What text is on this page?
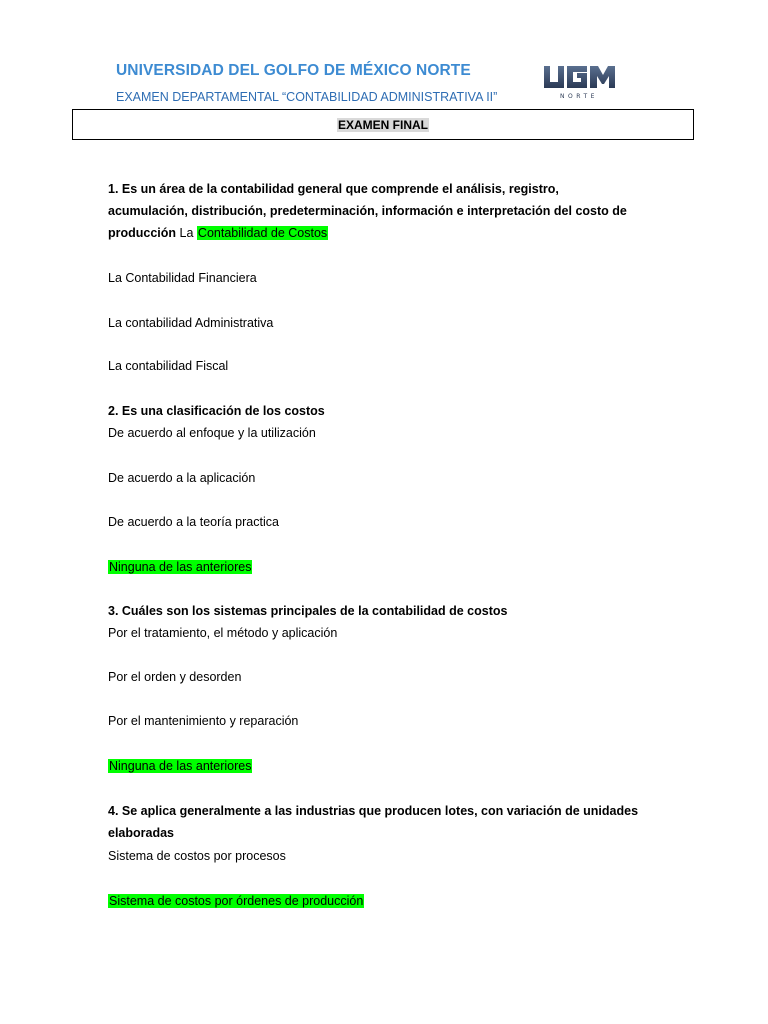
UNIVERSIDAD DEL GOLFO DE MÉXICO NORTE
EXAMEN DEPARTAMENTAL “CONTABILIDAD ADMINISTRATIVA II”	NORTE
EXAMEN FINAL
1. Es un área de la contabilidad general que comprende el análisis, registro,
acumulación, distribución, predeterminación, información e interpretación del costo de
producción La Contabilidad de Costos
La Contabilidad Financiera
La contabilidad Administrativa
La contabilidad Fiscal
2. Es una clasificación de los costos
De acuerdo al enfoque y la utilización
De acuerdo a la aplicación
De acuerdo a la teoría practica
Ninguna de las anteriores
3. Cuáles son los sistemas principales de la contabilidad de costos
Por el tratamiento, el método y aplicación
Por el orden y desorden
Por el mantenimiento y reparación
Ninguna de las anteriores
4. Se aplica generalmente a las industrias que producen lotes, con variación de unidades
elaboradas
Sistema de costos por procesos
Sistema de costos por órdenes de producción
